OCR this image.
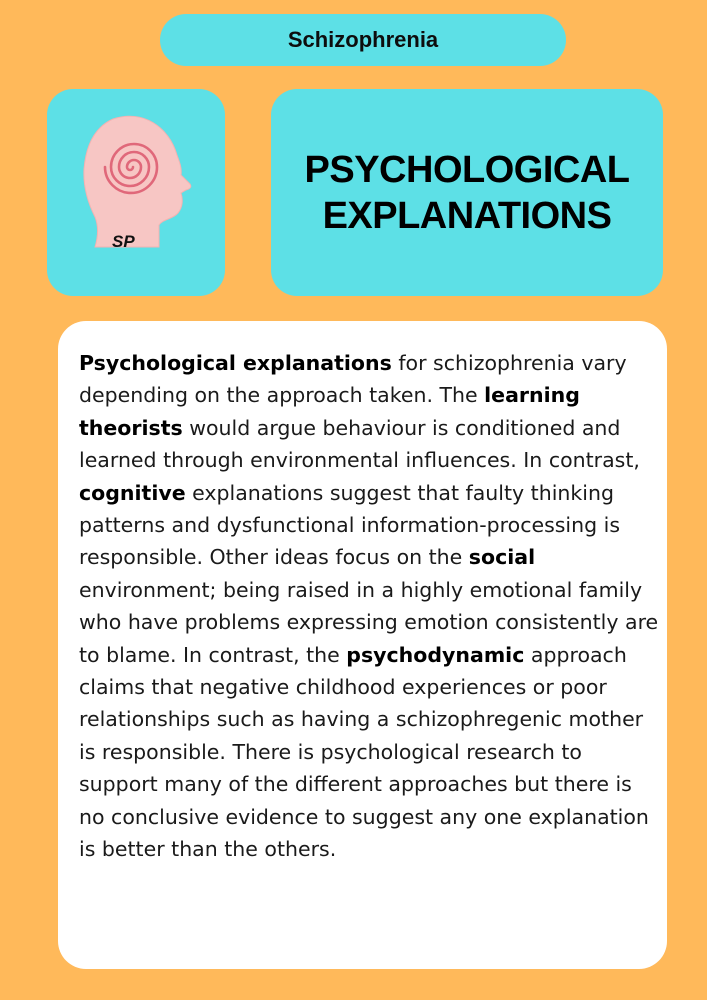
Schizophrenia
SP
PSYCHOLOGICAL
EXPLANATIONS

Psychological explanations for schizophrenia vary depending on the approach taken. The learning theorists would argue behaviour is conditioned and learned through environmental influences. In contrast, cognitive explanations suggest that faulty thinking patterns and dysfunctional information-processing is responsible. Other ideas focus on the social environment; being raised in a highly emotional family who have problems expressing emotion consistently are to blame. In contrast, the psychodynamic approach claims that negative childhood experiences or poor relationships such as having a schizophregenic mother is responsible. There is psychological research to support many of the different approaches but there is no conclusive evidence to suggest any one explanation is better than the others.
